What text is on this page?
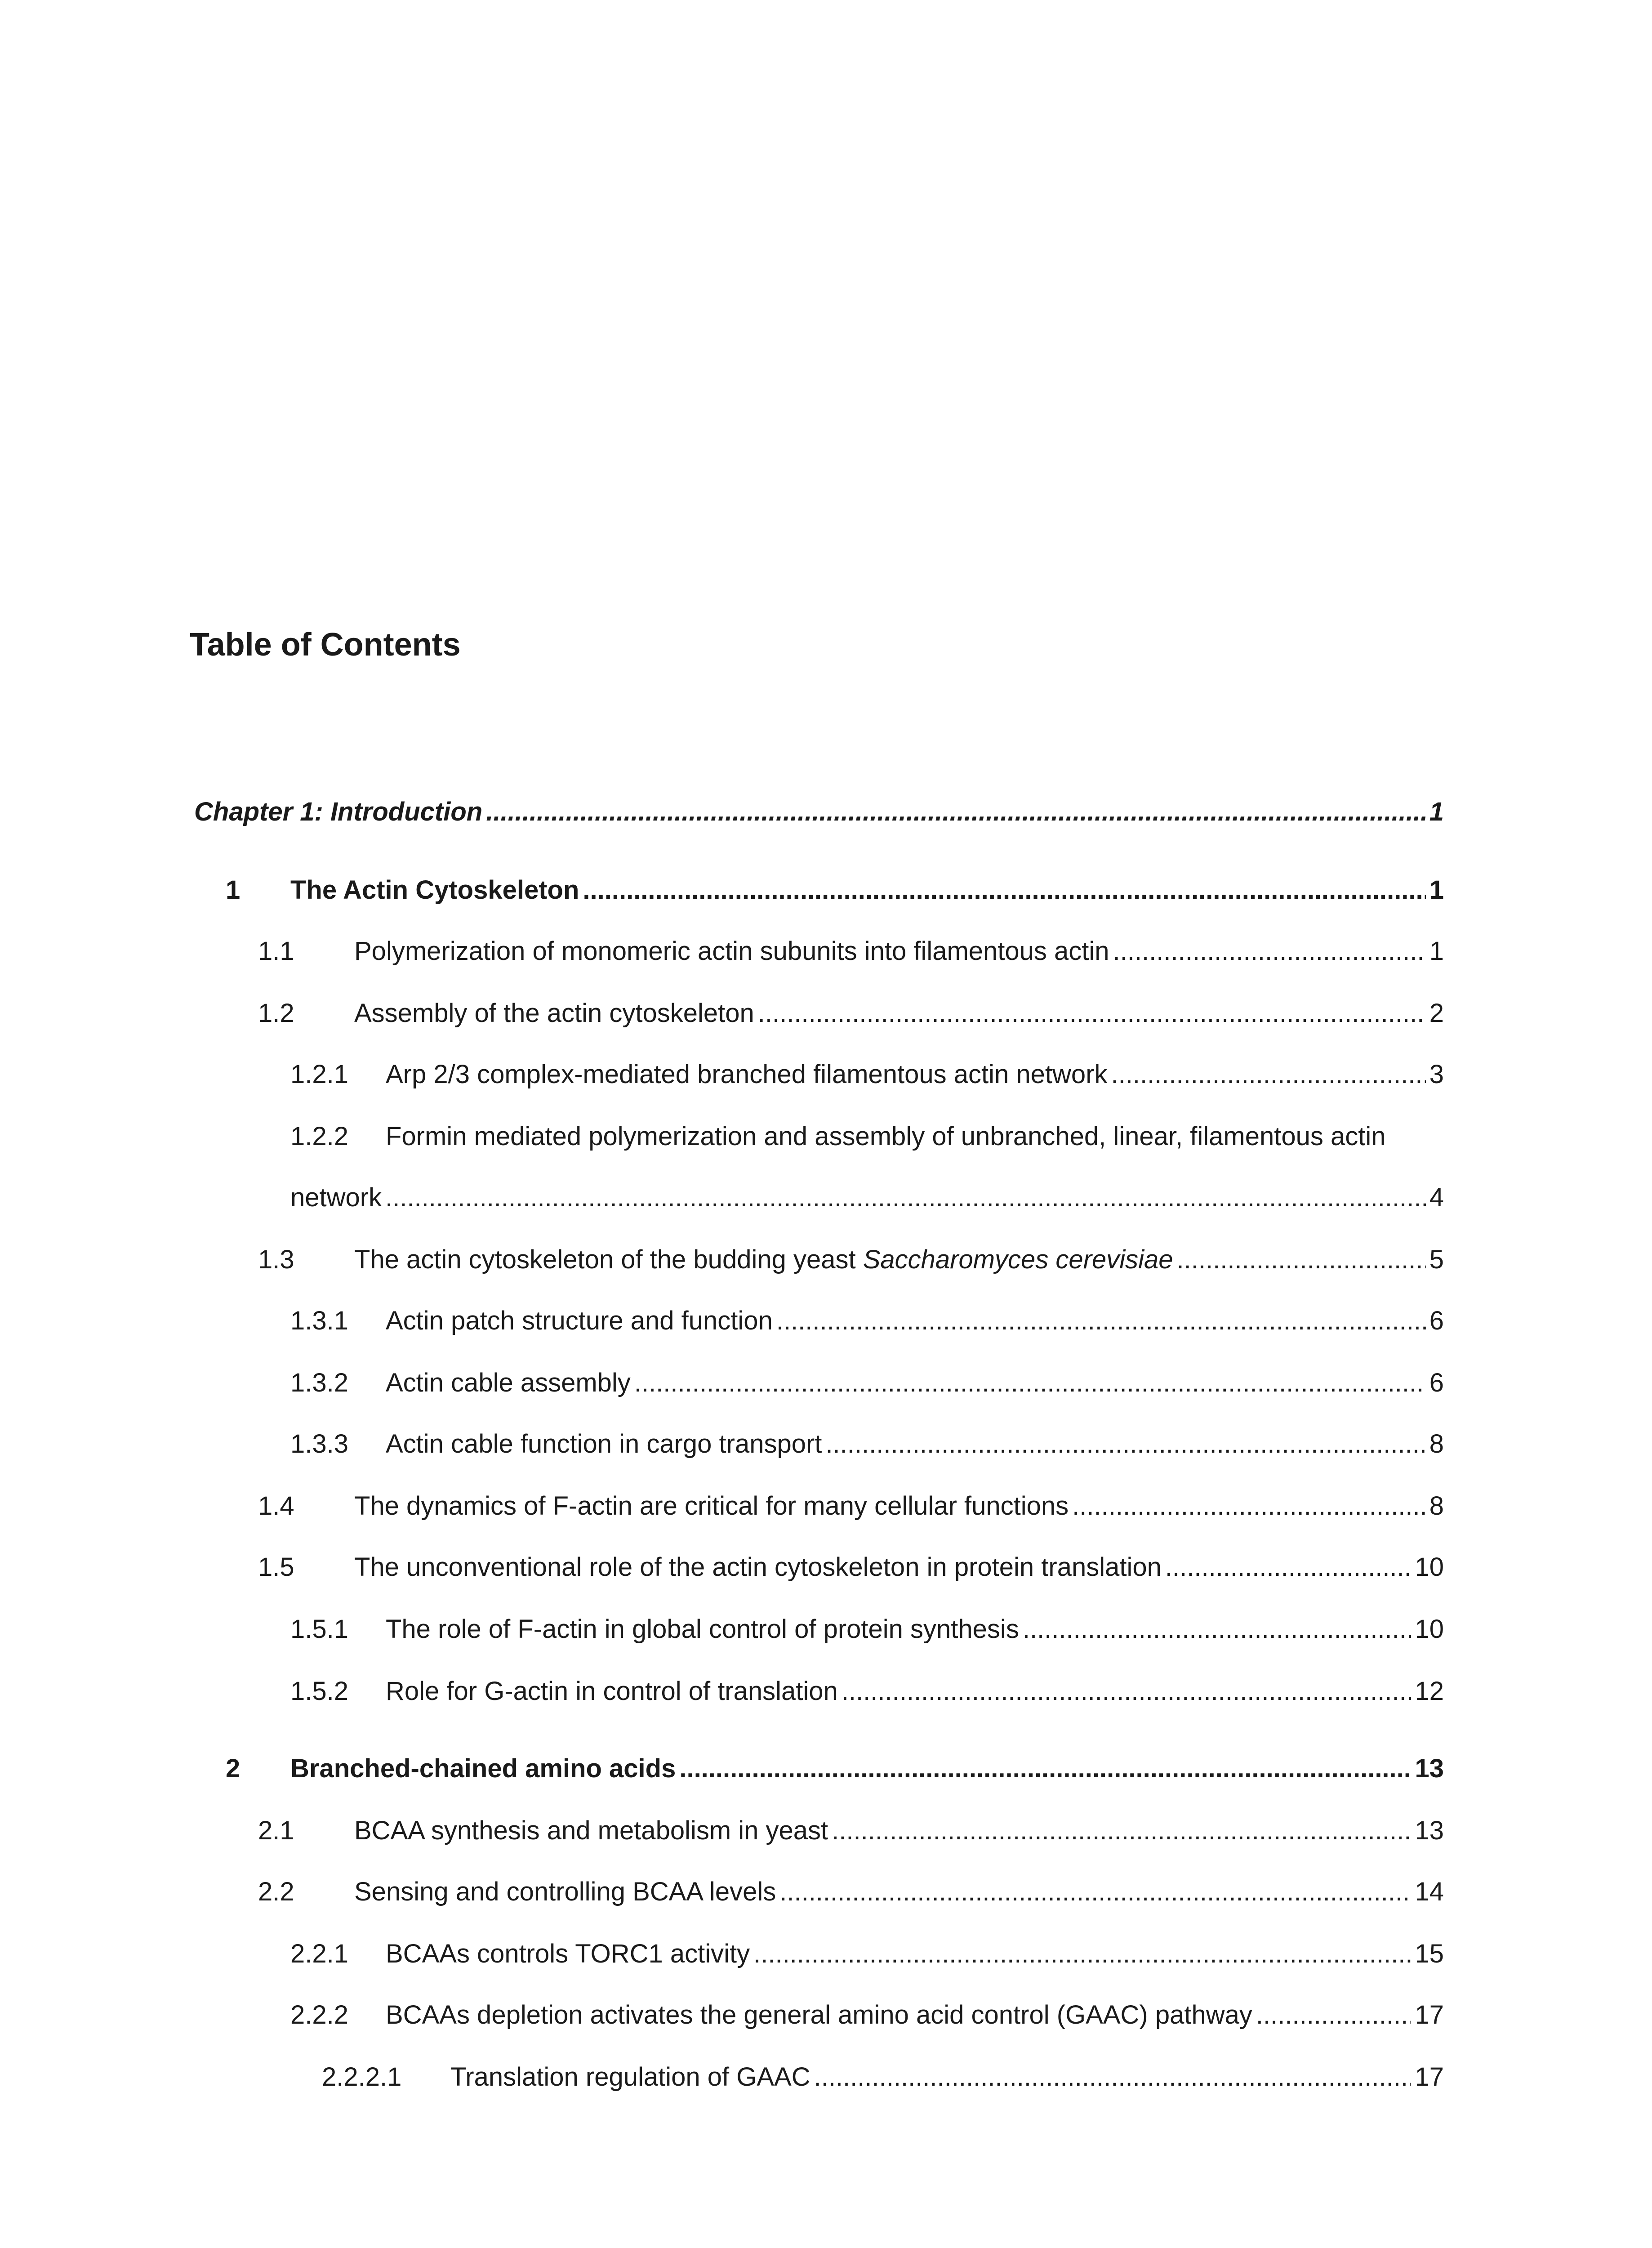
Table of Contents
Chapter 1: Introduction .....	1
1	The Actin Cytoskeleton .....	1
1.1	Polymerization of monomeric actin subunits into filamentous actin .....	1
1.2	Assembly of the actin cytoskeleton .....	2
1.2.1	Arp 2/3 complex-mediated branched filamentous actin network .....	3
1.2.2 Formin mediated polymerization and assembly of unbranched, linear, filamentous actin
network .....	4
1.3	The actin cytoskeleton of the budding yeast Saccharomyces cerevisiae .....	5
1.3.1	Actin patch structure and function .....	6
1.3.2	Actin cable assembly .....	6
1.3.3	Actin cable function in cargo transport .....	8
1.4	The dynamics of F-actin are critical for many cellular functions .....	8
1.5	The unconventional role of the actin cytoskeleton in protein translation .....	10
1.5.1	The role of F-actin in global control of protein synthesis .....	10
1.5.2	Role for G-actin in control of translation .....	12
2	Branched-chained amino acids .....	13
2.1	BCAA synthesis and metabolism in yeast .....	13
2.2	Sensing and controlling BCAA levels .....	14
2.2.1	BCAAs controls TORC1 activity .....	15
2.2.2	BCAAs depletion activates the general amino acid control (GAAC) pathway .....	17
2.2.2.1	Translation regulation of GAAC .....	17
